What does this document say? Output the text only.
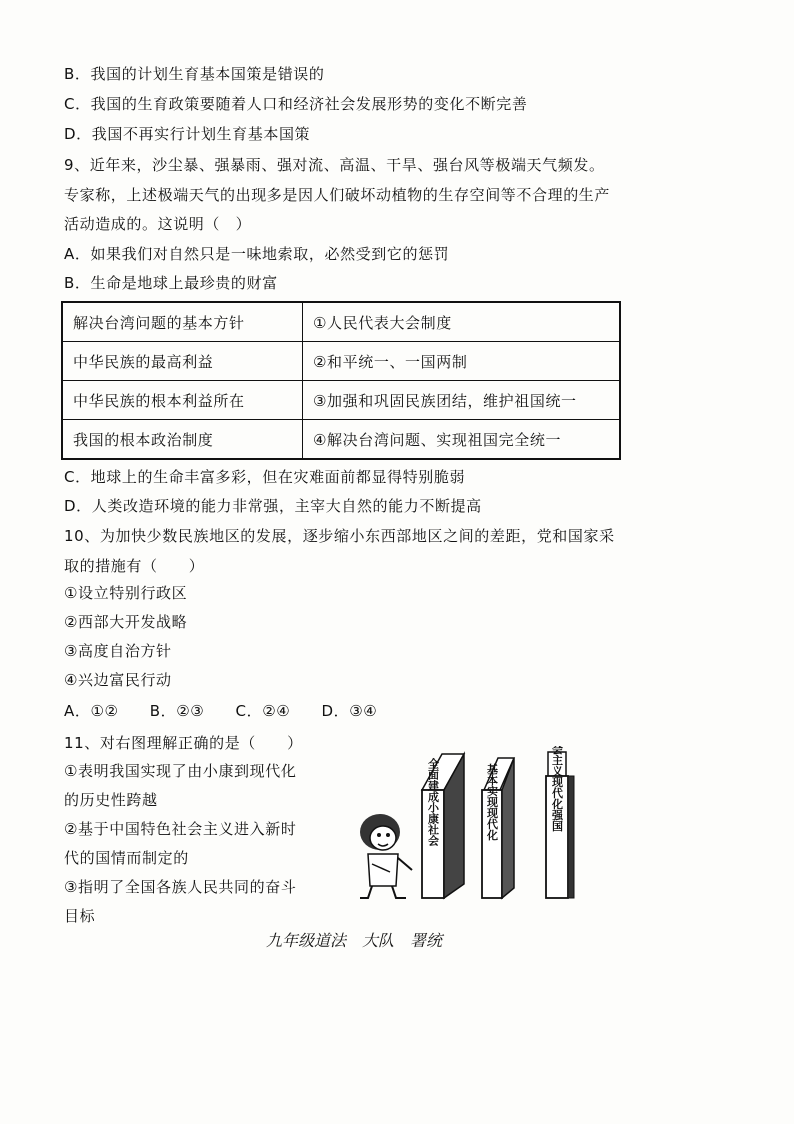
B．我国的计划生育基本国策是错误的
C．我国的生育政策要随着人口和经济社会发展形势的变化不断完善
D．我国不再实行计划生育基本国策
9、近年来，沙尘暴、强暴雨、强对流、高温、干旱、强台风等极端天气频发。
专家称，上述极端天气的出现多是因人们破坏动植物的生存空间等不合理的生产
活动造成的。这说明（　）
A．如果我们对自然只是一味地索取，必然受到它的惩罚
B．生命是地球上最珍贵的财富
解决台湾问题的基本方针	①人民代表大会制度
中华民族的最高利益	②和平统一、一国两制
中华民族的根本利益所在	③加强和巩固民族团结，维护祖国统一
我国的根本政治制度	④解决台湾问题、实现祖国完全统一
C．地球上的生命丰富多彩，但在灾难面前都显得特别脆弱
D．人类改造环境的能力非常强，主宰大自然的能力不断提高
10、为加快少数民族地区的发展，逐步缩小东西部地区之间的差距，党和国家采
取的措施有（　　）
①设立特别行政区
②西部大开发战略
③高度自治方针
④兴边富民行动
A．①②　　B．②③　　C．②④　　D．③④
11、对右图理解正确的是（　　）
①表明我国实现了由小康到现代化
的历史性跨越
②基于中国特色社会主义进入新时
代的国情而制定的
③指明了全国各族人民共同的奋斗
目标
全面建成小康社会	基本实现现代化	社会主义现代化强国
九年级道法　大队　署统
